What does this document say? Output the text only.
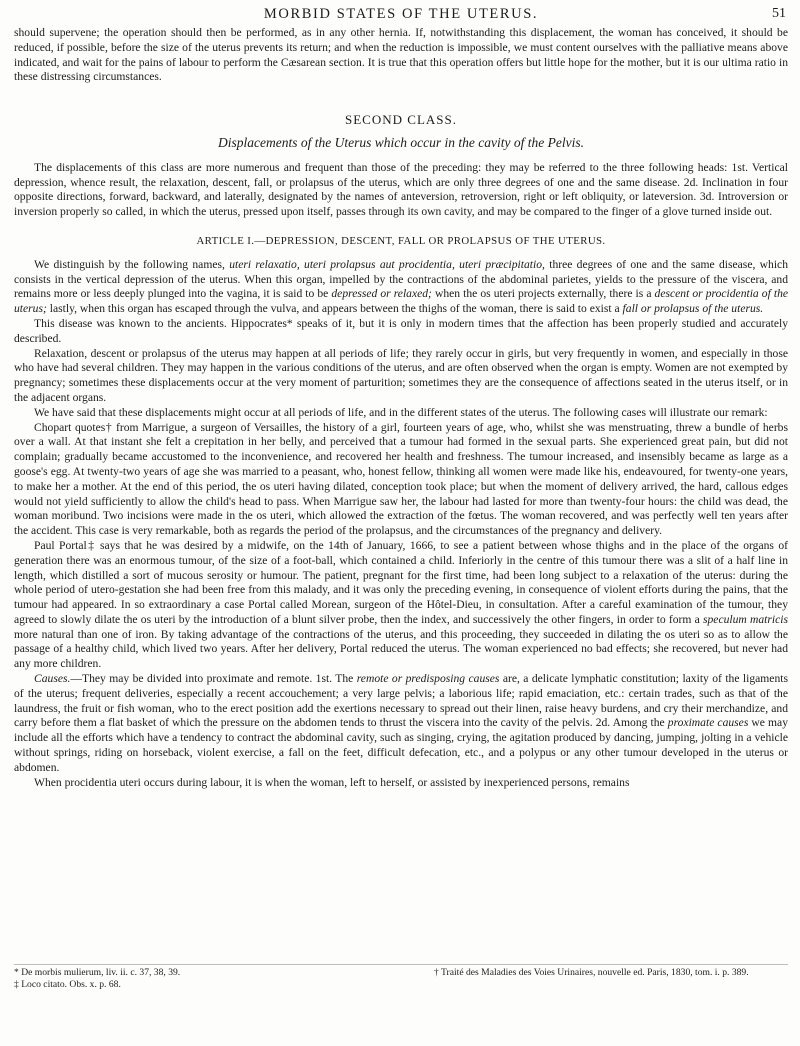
MORBID STATES OF THE UTERUS.	51

should supervene; the operation should then be performed, as in any other hernia. If, notwithstanding this displacement, the woman has conceived, it should be reduced, if possible, before the size of the uterus prevents its return; and when the reduction is impossible, we must content ourselves with the palliative means above indicated, and wait for the pains of labour to perform the Cæsarean section. It is true that this operation offers but little hope for the mother, but it is our ultima ratio in these distressing circumstances.

SECOND CLASS.
Displacements of the Uterus which occur in the cavity of the Pelvis.

The displacements of this class are more numerous and frequent than those of the preceding: they may be referred to the three following heads: 1st. Vertical depression, whence result, the relaxation, descent, fall, or prolapsus of the uterus, which are only three degrees of one and the same disease. 2d. Inclination in four opposite directions, forward, backward, and laterally, designated by the names of anteversion, retroversion, right or left obliquity, or lateversion. 3d. Introversion or inversion properly so called, in which the uterus, pressed upon itself, passes through its own cavity, and may be compared to the finger of a glove turned inside out.

ARTICLE I.—DEPRESSION, DESCENT, FALL OR PROLAPSUS OF THE UTERUS.

We distinguish by the following names, uteri relaxatio, uteri prolapsus aut procidentia, uteri præcipitatio, three degrees of one and the same disease, which consists in the vertical depression of the uterus. When this organ, impelled by the contractions of the abdominal parietes, yields to the pressure of the viscera, and remains more or less deeply plunged into the vagina, it is said to be depressed or relaxed; when the os uteri projects externally, there is a descent or procidentia of the uterus; lastly, when this organ has escaped through the vulva, and appears between the thighs of the woman, there is said to exist a fall or prolapsus of the uterus.

This disease was known to the ancients. Hippocrates* speaks of it, but it is only in modern times that the affection has been properly studied and accurately described.

Relaxation, descent or prolapsus of the uterus may happen at all periods of life; they rarely occur in girls, but very frequently in women, and especially in those who have had several children. They may happen in the various conditions of the uterus, and are often observed when the organ is empty. Women are not exempted by pregnancy; sometimes these displacements occur at the very moment of parturition; sometimes they are the consequence of affections seated in the uterus itself, or in the adjacent organs.

We have said that these displacements might occur at all periods of life, and in the different states of the uterus. The following cases will illustrate our remark:

Chopart quotes† from Marrigue, a surgeon of Versailles, the history of a girl, fourteen years of age, who, whilst she was menstruating, threw a bundle of herbs over a wall. At that instant she felt a crepitation in her belly, and perceived that a tumour had formed in the sexual parts. She experienced great pain, but did not complain; gradually became accustomed to the inconvenience, and recovered her health and freshness. The tumour increased, and insensibly became as large as a goose's egg. At twenty-two years of age she was married to a peasant, who, honest fellow, thinking all women were made like his, endeavoured, for twenty-one years, to make her a mother. At the end of this period, the os uteri having dilated, conception took place; but when the moment of delivery arrived, the hard, callous edges would not yield sufficiently to allow the child's head to pass. When Marrigue saw her, the labour had lasted for more than twenty-four hours: the child was dead, the woman moribund. Two incisions were made in the os uteri, which allowed the extraction of the fœtus. The woman recovered, and was perfectly well ten years after the accident. This case is very remarkable, both as regards the period of the prolapsus, and the circumstances of the pregnancy and delivery.

Paul Portal‡ says that he was desired by a midwife, on the 14th of January, 1666, to see a patient between whose thighs and in the place of the organs of generation there was an enormous tumour, of the size of a foot-ball, which contained a child. Inferiorly in the centre of this tumour there was a slit of a half line in length, which distilled a sort of mucous serosity or humour. The patient, pregnant for the first time, had been long subject to a relaxation of the uterus: during the whole period of utero-gestation she had been free from this malady, and it was only the preceding evening, in consequence of violent efforts during the pains, that the tumour had appeared. In so extraordinary a case Portal called Morean, surgeon of the Hôtel-Dieu, in consultation. After a careful examination of the tumour, they agreed to slowly dilate the os uteri by the introduction of a blunt silver probe, then the index, and successively the other fingers, in order to form a speculum matricis more natural than one of iron. By taking advantage of the contractions of the uterus, and this proceeding, they succeeded in dilating the os uteri so as to allow the passage of a healthy child, which lived two years. After her delivery, Portal reduced the uterus. The woman experienced no bad effects; she recovered, but never had any more children.

Causes.—They may be divided into proximate and remote. 1st. The remote or predisposing causes are, a delicate lymphatic constitution; laxity of the ligaments of the uterus; frequent deliveries, especially a recent accouchement; a very large pelvis; a laborious life; rapid emaciation, etc.: certain trades, such as that of the laundress, the fruit or fish woman, who to the erect position add the exertions necessary to spread out their linen, raise heavy burdens, and cry their merchandize, and carry before them a flat basket of which the pressure on the abdomen tends to thrust the viscera into the cavity of the pelvis. 2d. Among the proximate causes we may include all the efforts which have a tendency to contract the abdominal cavity, such as singing, crying, the agitation produced by dancing, jumping, jolting in a vehicle without springs, riding on horseback, violent exercise, a fall on the feet, difficult defecation, etc., and a polypus or any other tumour developed in the uterus or abdomen.

When procidentia uteri occurs during labour, it is when the woman, left to herself, or assisted by inexperienced persons, remains

* De morbis mulierum, liv. ii. c. 37, 38, 39.	† Traité des Maladies des Voies Urinaires, nouvelle ed. Paris, 1830, tom. i. p. 389.
‡ Loco citato. Obs. x. p. 68.
